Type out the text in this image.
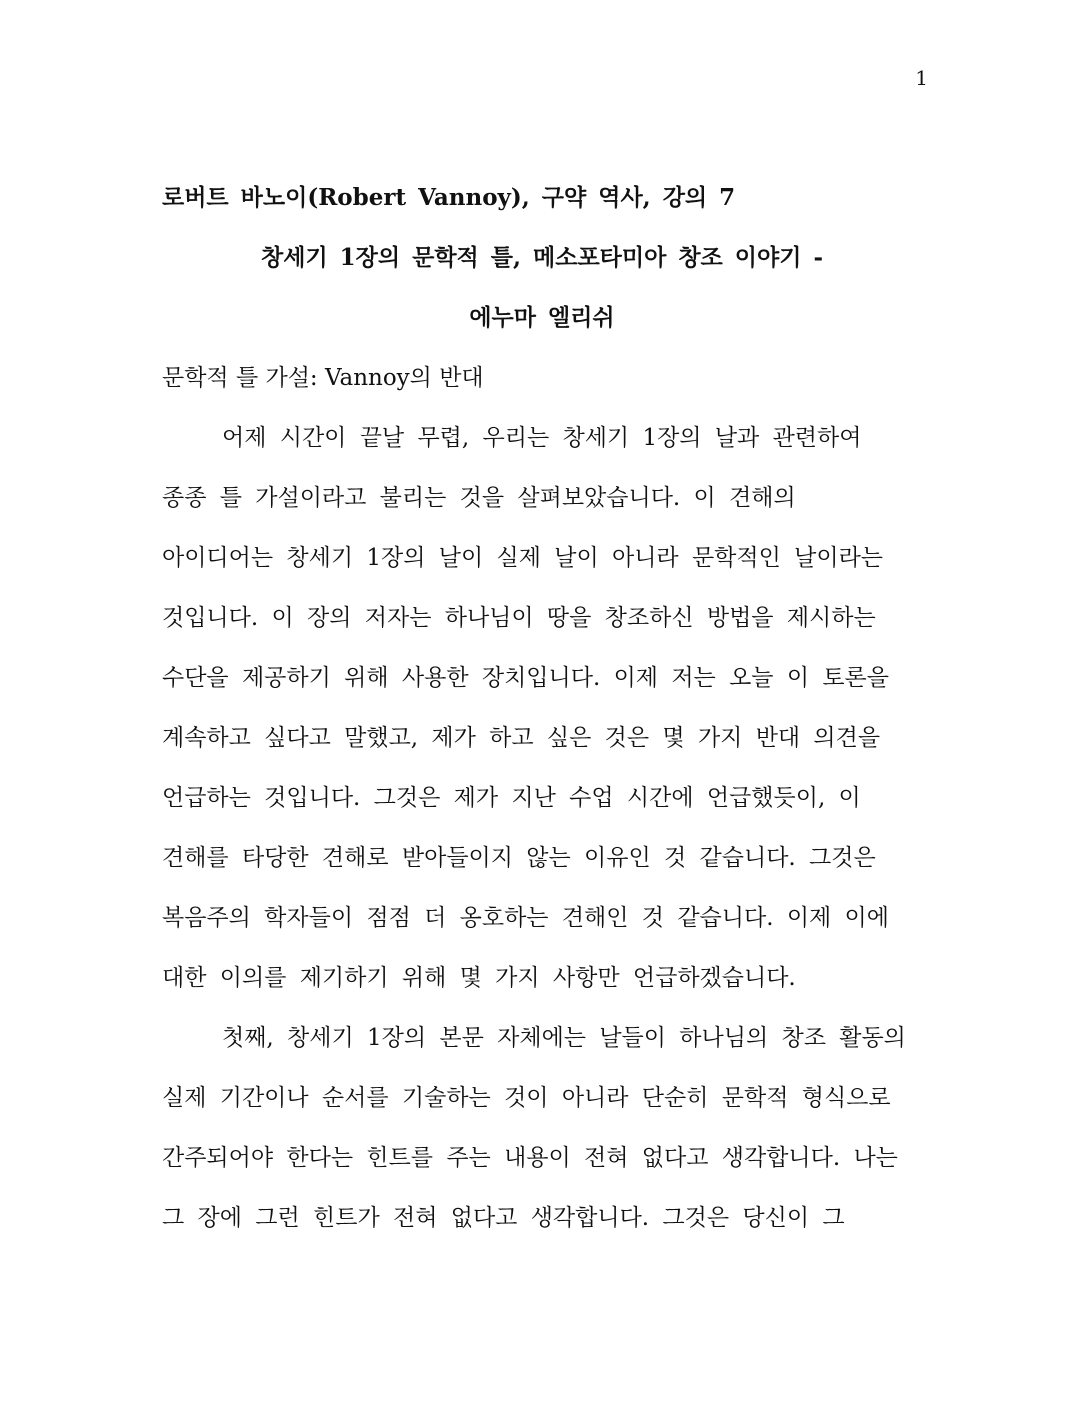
1
로버트 바노이(Robert Vannoy), 구약 역사, 강의 7
창세기 1장의 문학적 틀, 메소포타미아 창조 이야기 -
에누마 엘리쉬
문학적 틀 가설: Vannoy의 반대
어제 시간이 끝날 무렵, 우리는 창세기 1장의 날과 관련하여
종종 틀 가설이라고 불리는 것을 살펴보았습니다. 이 견해의
아이디어는 창세기 1장의 날이 실제 날이 아니라 문학적인 날이라는
것입니다. 이 장의 저자는 하나님이 땅을 창조하신 방법을 제시하는
수단을 제공하기 위해 사용한 장치입니다. 이제 저는 오늘 이 토론을
계속하고 싶다고 말했고, 제가 하고 싶은 것은 몇 가지 반대 의견을
언급하는 것입니다. 그것은 제가 지난 수업 시간에 언급했듯이, 이
견해를 타당한 견해로 받아들이지 않는 이유인 것 같습니다. 그것은
복음주의 학자들이 점점 더 옹호하는 견해인 것 같습니다. 이제 이에
대한 이의를 제기하기 위해 몇 가지 사항만 언급하겠습니다.
첫째, 창세기 1장의 본문 자체에는 날들이 하나님의 창조 활동의
실제 기간이나 순서를 기술하는 것이 아니라 단순히 문학적 형식으로
간주되어야 한다는 힌트를 주는 내용이 전혀 없다고 생각합니다. 나는
그 장에 그런 힌트가 전혀 없다고 생각합니다. 그것은 당신이 그
